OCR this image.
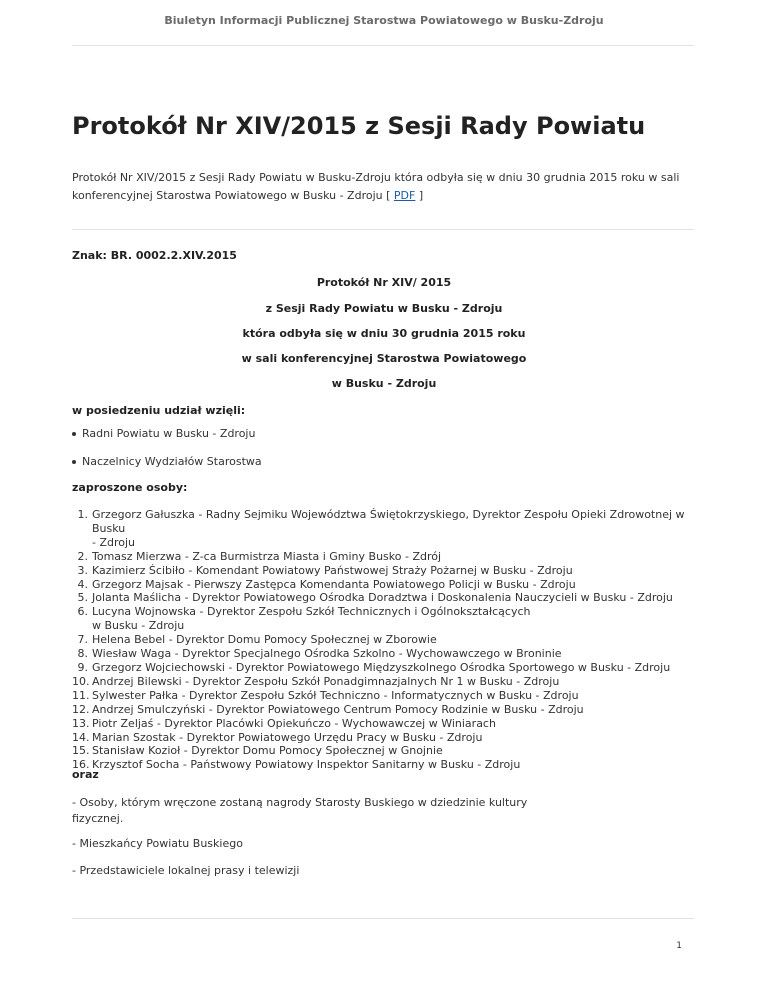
Biuletyn Informacji Publicznej Starostwa Powiatowego w Busku-Zdroju
Protokół Nr XIV/2015 z Sesji Rady Powiatu
Protokół Nr XIV/2015 z Sesji Rady Powiatu w Busku-Zdroju która odbyła się w dniu 30 grudnia 2015 roku w sali konferencyjnej Starostwa Powiatowego w Busku - Zdroju [ PDF ]
Znak: BR. 0002.2.XIV.2015
Protokół Nr XIV/ 2015
z Sesji Rady Powiatu w Busku - Zdroju
która odbyła się w dniu 30 grudnia 2015 roku
w sali konferencyjnej Starostwa Powiatowego
w Busku - Zdroju
w posiedzeniu udział wzięli:
Radni Powiatu w Busku - Zdroju
Naczelnicy Wydziałów Starostwa
zaproszone osoby:
1. Grzegorz Gałuszka - Radny Sejmiku Województwa Świętokrzyskiego, Dyrektor Zespołu Opieki Zdrowotnej w Busku
- Zdroju
2. Tomasz Mierzwa - Z-ca Burmistrza Miasta i Gminy Busko - Zdrój
3. Kazimierz Ścibiło - Komendant Powiatowy Państwowej Straży Pożarnej w Busku - Zdroju
4. Grzegorz Majsak - Pierwszy Zastępca Komendanta Powiatowego Policji w Busku - Zdroju
5. Jolanta Maślicha - Dyrektor Powiatowego Ośrodka Doradztwa i Doskonalenia Nauczycieli w Busku - Zdroju
6. Lucyna Wojnowska - Dyrektor Zespołu Szkół Technicznych i Ogólnokształcących
w Busku - Zdroju
7. Helena Bebel - Dyrektor Domu Pomocy Społecznej w Zborowie
8. Wiesław Waga - Dyrektor Specjalnego Ośrodka Szkolno - Wychowawczego w Broninie
9. Grzegorz Wojciechowski - Dyrektor Powiatowego Międzyszkolnego Ośrodka Sportowego w Busku - Zdroju
10. Andrzej Bilewski - Dyrektor Zespołu Szkół Ponadgimnazjalnych Nr 1 w Busku - Zdroju
11. Sylwester Pałka - Dyrektor Zespołu Szkół Techniczno - Informatycznych w Busku - Zdroju
12. Andrzej Smulczyński - Dyrektor Powiatowego Centrum Pomocy Rodzinie w Busku - Zdroju
13. Piotr Zeljaś - Dyrektor Placówki Opiekuńczo - Wychowawczej w Winiarach
14. Marian Szostak - Dyrektor Powiatowego Urzędu Pracy w Busku - Zdroju
15. Stanisław Kozioł - Dyrektor Domu Pomocy Społecznej w Gnojnie
16. Krzysztof Socha - Państwowy Powiatowy Inspektor Sanitarny w Busku - Zdroju
oraz
- Osoby, którym wręczone zostaną nagrody Starosty Buskiego w dziedzinie kultury fizycznej.
- Mieszkańcy Powiatu Buskiego
- Przedstawiciele lokalnej prasy i telewizji
1
